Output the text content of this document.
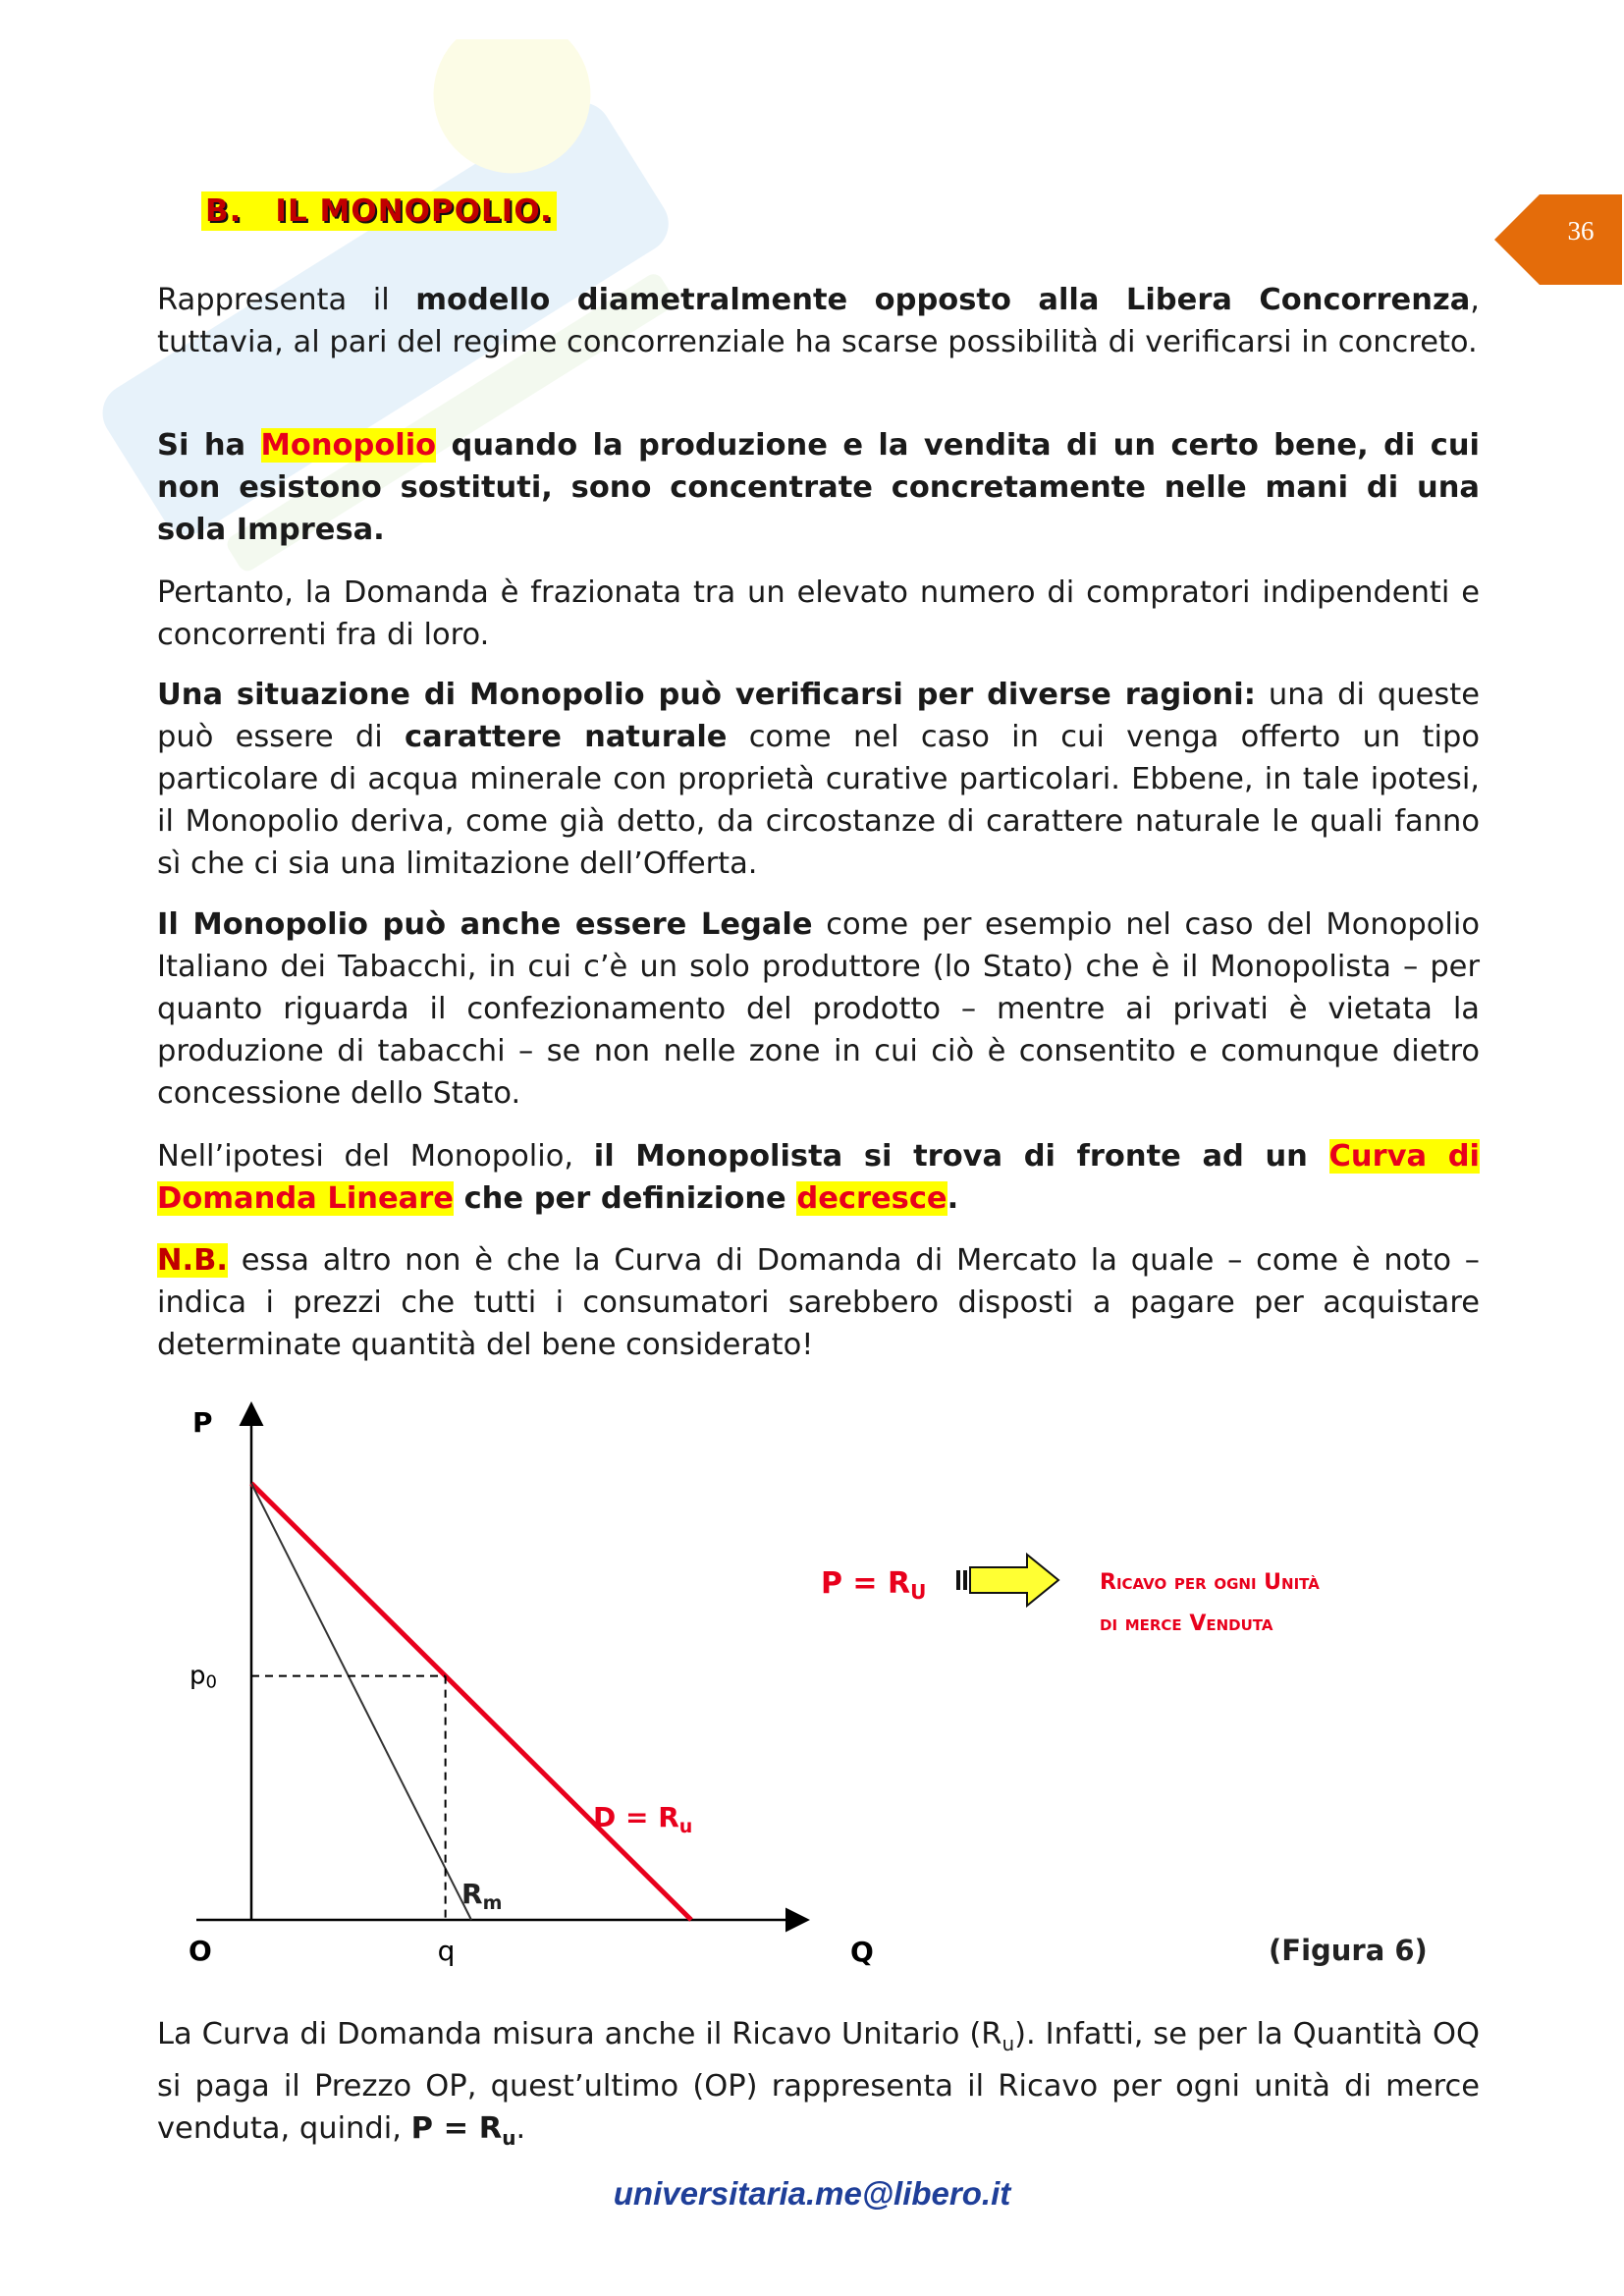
36
B. IL MONOPOLIO.

Rappresenta il modello diametralmente opposto alla Libera Concorrenza, tuttavia, al pari del regime concorrenziale ha scarse possibilità di verificarsi in concreto.

Si ha Monopolio quando la produzione e la vendita di un certo bene, di cui non esistono sostituti, sono concentrate concretamente nelle mani di una sola Impresa.

Pertanto, la Domanda è frazionata tra un elevato numero di compratori indipendenti e concorrenti fra di loro.

Una situazione di Monopolio può verificarsi per diverse ragioni: una di queste può essere di carattere naturale come nel caso in cui venga offerto un tipo particolare di acqua minerale con proprietà curative particolari. Ebbene, in tale ipotesi, il Monopolio deriva, come già detto, da circostanze di carattere naturale le quali fanno sì che ci sia una limitazione dell’Offerta.

Il Monopolio può anche essere Legale come per esempio nel caso del Monopolio Italiano dei Tabacchi, in cui c’è un solo produttore (lo Stato) che è il Monopolista – per quanto riguarda il confezionamento del prodotto – mentre ai privati è vietata la produzione di tabacchi – se non nelle zone in cui ciò è consentito e comunque dietro concessione dello Stato.

Nell’ipotesi del Monopolio, il Monopolista si trova di fronte ad un Curva di Domanda Lineare che per definizione decresce.

N.B. essa altro non è che la Curva di Domanda di Mercato la quale – come è noto – indica i prezzi che tutti i consumatori sarebbero disposti a pagare per acquistare determinate quantità del bene considerato!

P
O	Q
p0
q
$D = R_u$
$R_m$
$P = R_U$	Ricavo per ogni Unità
di merce Venduta
(Figura 6)

La Curva di Domanda misura anche il Ricavo Unitario $(R_u)$. Infatti, se per la Quantità OQ si paga il Prezzo OP, quest’ultimo (OP) rappresenta il Ricavo per ogni unità di merce venduta, quindi, $P = R_u$.

universitaria.me@libero.it
